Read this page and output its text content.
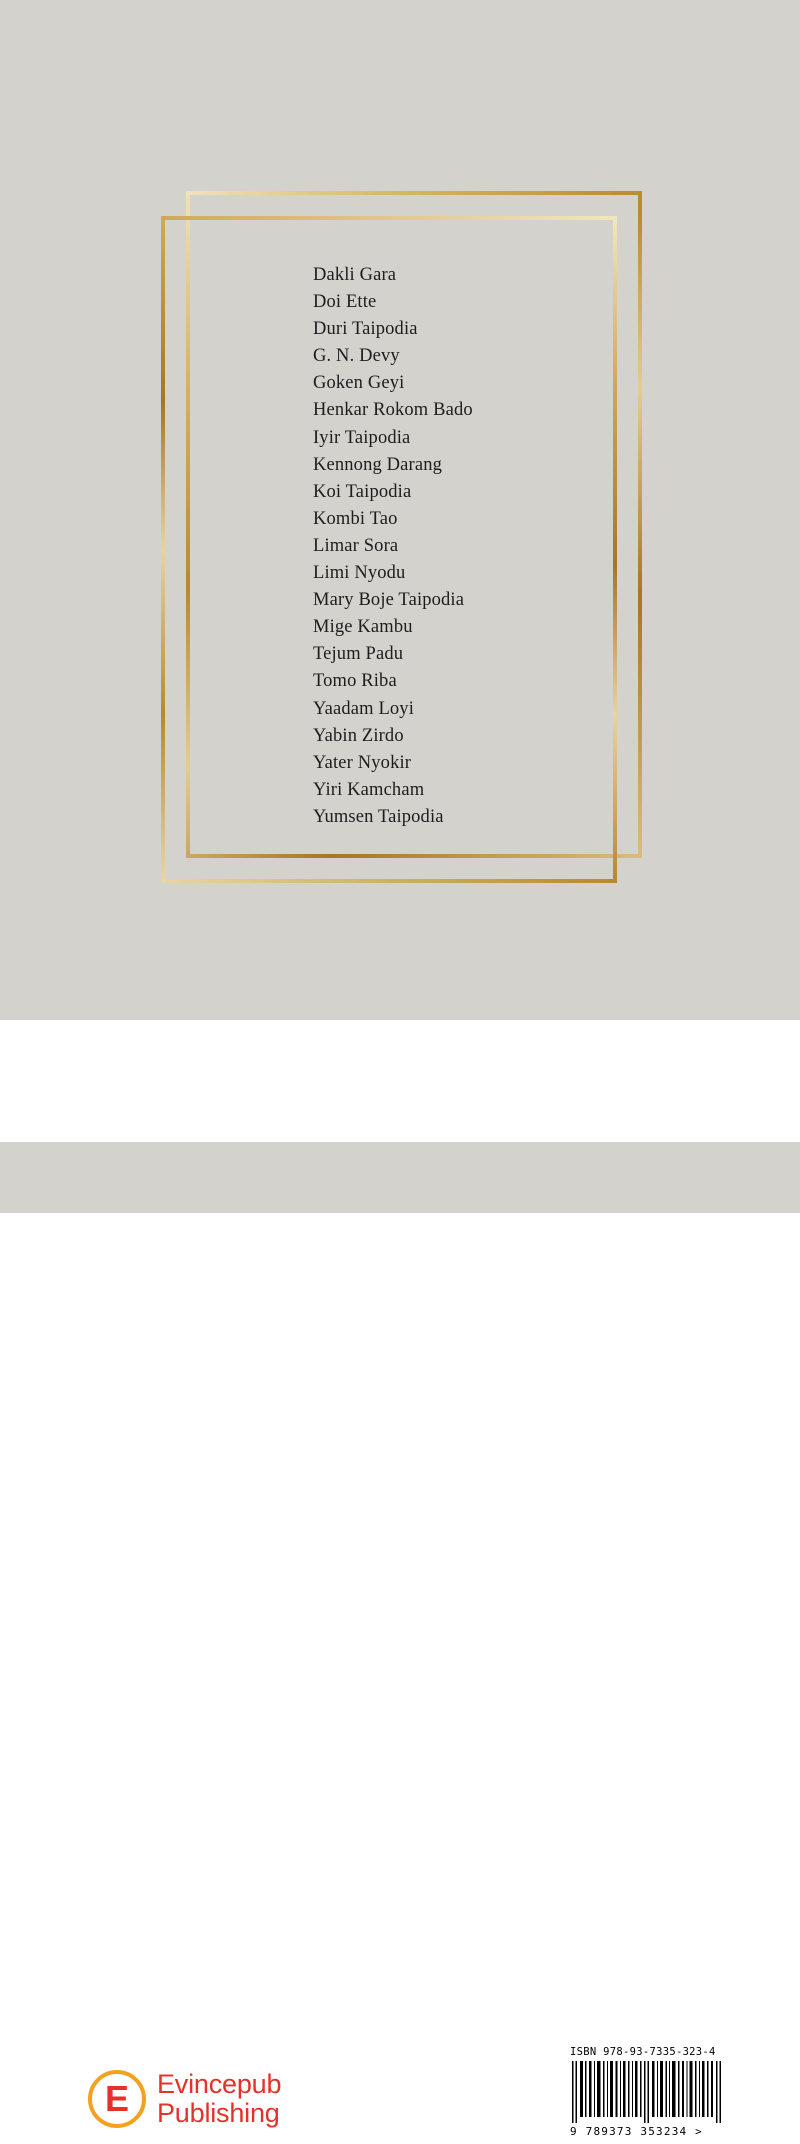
Dakli Gara
Doi Ette
Duri Taipodia
G. N. Devy
Goken Geyi
Henkar Rokom Bado
Iyir Taipodia
Kennong Darang
Koi Taipodia
Kombi Tao
Limar Sora
Limi Nyodu
Mary Boje Taipodia
Mige Kambu
Tejum Padu
Tomo Riba
Yaadam Loyi
Yabin Zirdo
Yater Nyokir
Yiri Kamcham
Yumsen Taipodia
E	Evincepub
Publishing
ISBN 978-93-7335-323-4
9 789373 353234 >
